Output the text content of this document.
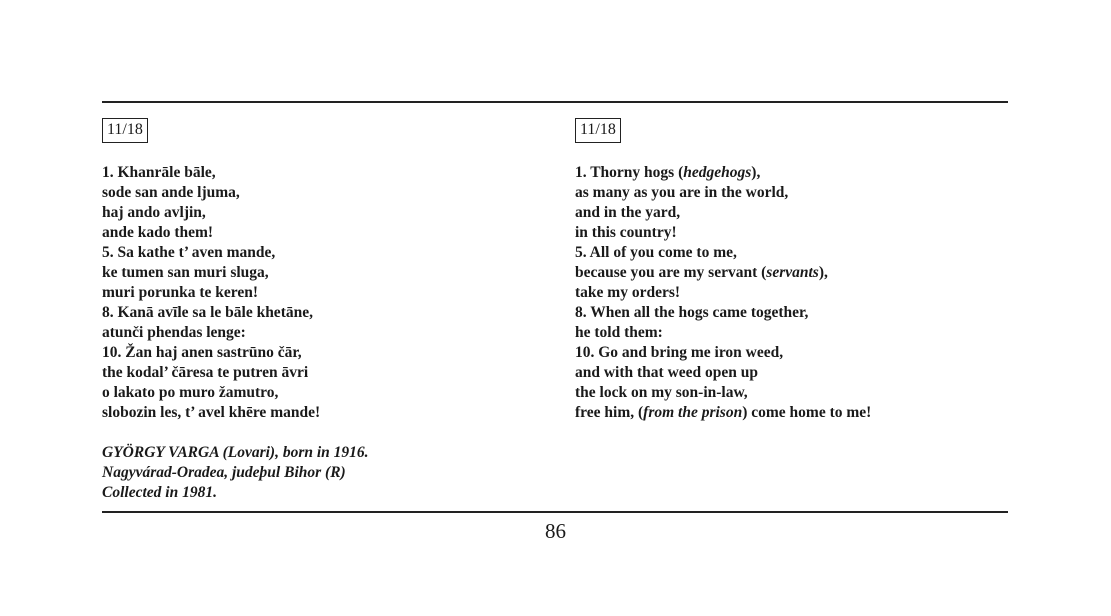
11/18
1. Khanrāle bāle,
sode san ande ljuma,
haj ando avljin,
ande kado them!
5. Sa kathe t’ aven mande,
ke tumen san muri sluga,
muri porunka te keren!
8. Kanā avīle sa le bāle khetāne,
atunči phendas lenge:
10. Žan haj anen sastrūno čār,
the kodal’ čāresa te putren āvri
o lakato po muro žamutro,
slobozin les, t’ avel khēre mande!
GYÖRGY VARGA (Lovari), born in 1916.
Nagyvárad-Oradea, judeþul Bihor (R)
Collected in 1981.
11/18
1. Thorny hogs (hedgehogs),
as many as you are in the world,
and in the yard,
in this country!
5. All of you come to me,
because you are my servant (servants),
take my orders!
8. When all the hogs came together,
he told them:
10. Go and bring me iron weed,
and with that weed open up
the lock on my son-in-law,
free him, (from the prison) come home to me!
86
